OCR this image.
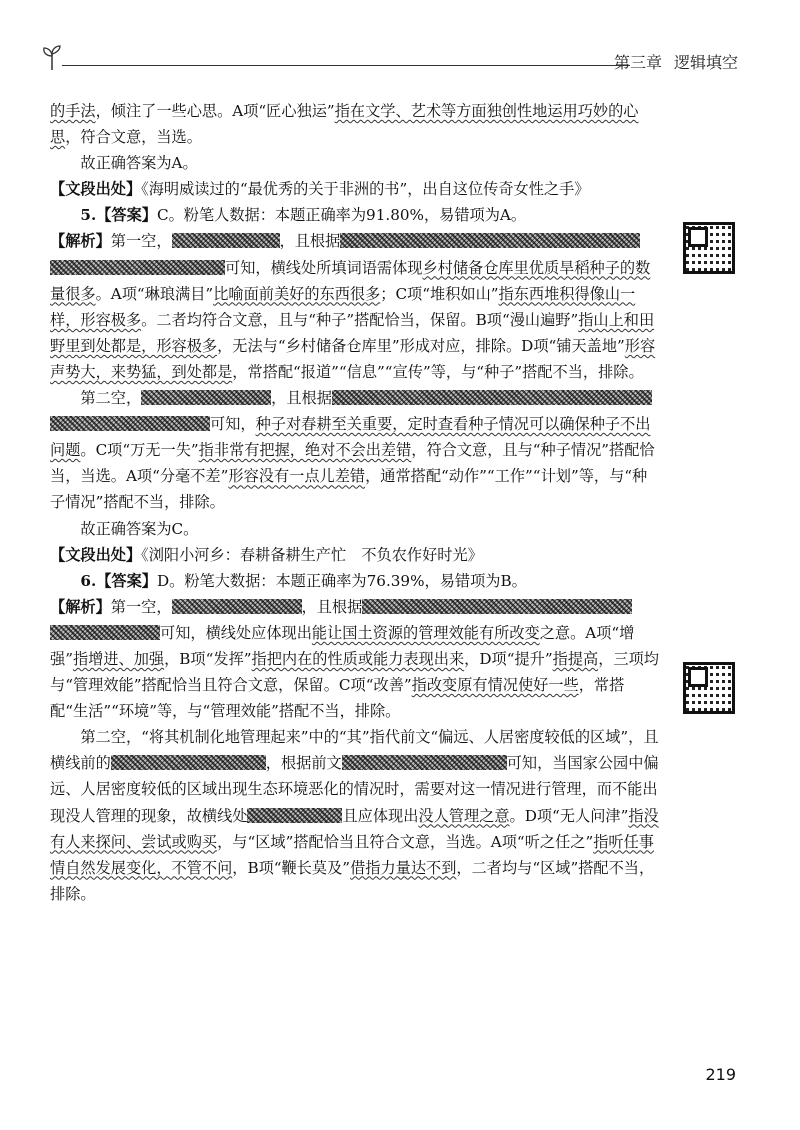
第三章 逻辑填空

的手法，倾注了一些心思。A项“匠心独运”指在文学、艺术等方面独创性地运用巧妙的心思，符合文意，当选。

故正确答案为A。

【文段出处】《海明威读过的“最优秀的关于非洲的书”，出自这位传奇女性之手》

5.【答案】C。粉笔人数据：本题正确率为91.80%，易错项为A。

【解析】第一空，	，且根据可知，横线处所填词语需体现乡村储备仓库里优质旱稻种子的数量很多。A项“琳琅满目”比喻面前美好的东西很多；C项“堆积如山”指东西堆积得像山一样，形容极多。二者均符合文意，且与“种子”搭配恰当，保留。B项“漫山遍野”指山上和田野里到处都是，形容极多，无法与“乡村储备仓库里”形成对应，排除。D项“铺天盖地”形容声势大，来势猛，到处都是，常搭配“报道”“信息”“宣传”等，与“种子”搭配不当，排除。

第二空，	，且根据可知，种子对春耕至关重要，定时查看种子情况可以确保种子不出问题。C项“万无一失”指非常有把握，绝对不会出差错，符合文意，且与“种子情况”搭配恰当，当选。A项“分毫不差”形容没有一点儿差错，通常搭配“动作”“工作”“计划”等，与“种子情况”搭配不当，排除。

故正确答案为C。

【文段出处】《浏阳小河乡：春耕备耕生产忙　不负农作好时光》

6.【答案】D。粉笔大数据：本题正确率为76.39%，易错项为B。

【解析】第一空，	，且根据可知，横线处应体现出能让国土资源的管理效能有所改变之意。A项“增强”指增进、加强，B项“发挥”指把内在的性质或能力表现出来，D项“提升”指提高，三项均与“管理效能”搭配恰当且符合文意，保留。C项“改善”指改变原有情况使好一些，常搭配“生活”“环境”等，与“管理效能”搭配不当，排除。

第二空，“将其机制化地管理起来”中的“其”指代前文“偏远、人居密度较低的区域”，且横线前的	，根据前文	可知，当国家公园中偏远、人居密度较低的区域出现生态环境恶化的情况时，需要对这一情况进行管理，而不能出现没人管理的现象，故横线处	且应体现出没人管理之意。D项“无人问津”指没有人来探问、尝试或购买，与“区域”搭配恰当且符合文意，当选。A项“听之任之”指听任事情自然发展变化，不管不问，B项“鞭长莫及”借指力量达不到，二者均与“区域”搭配不当，排除。

219
